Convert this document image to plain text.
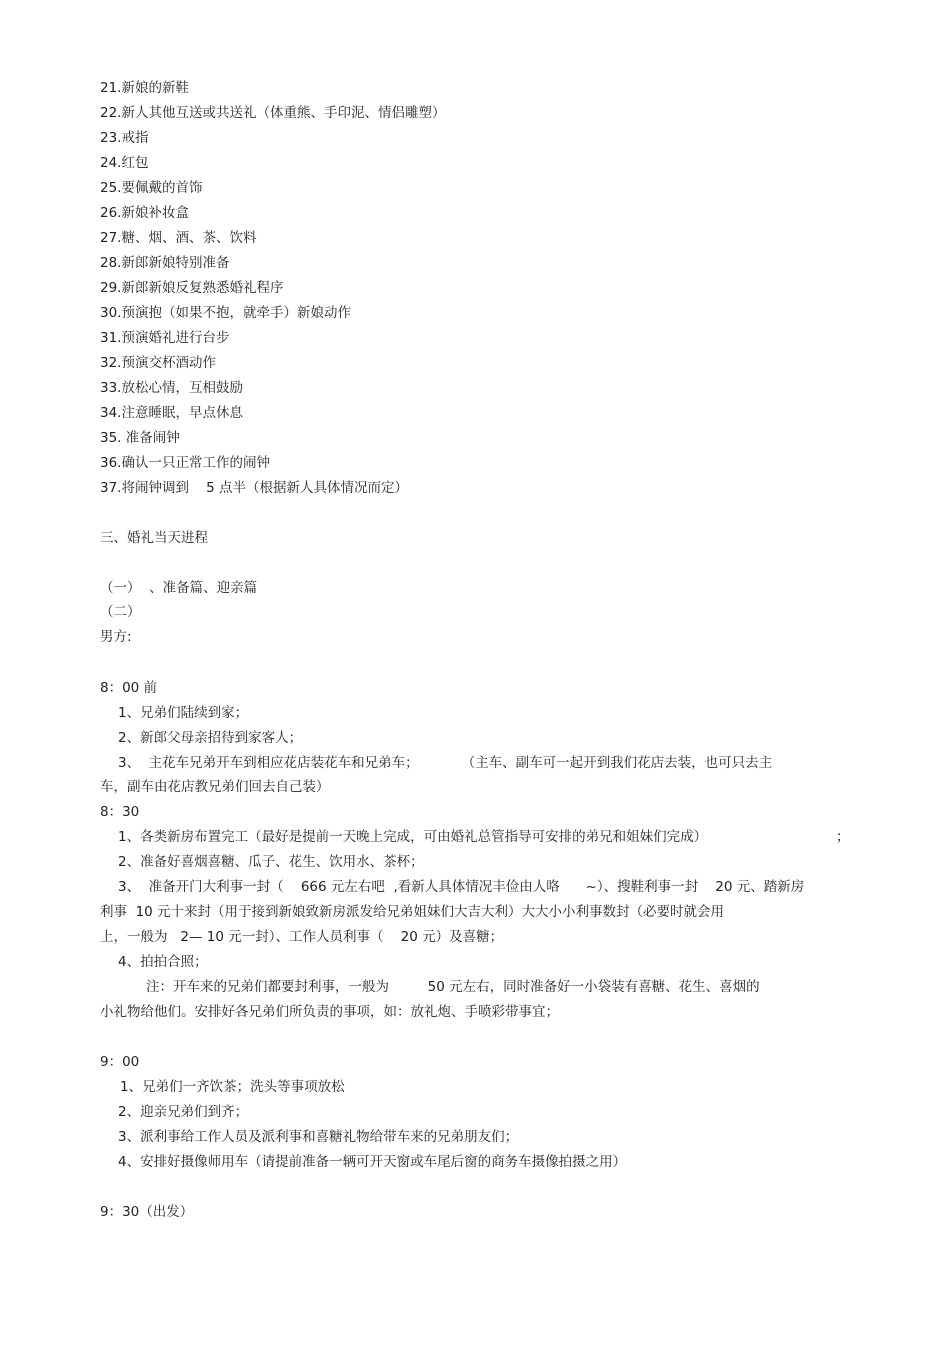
21.新娘的新鞋
22.新人其他互送或共送礼（体重熊、手印泥、情侣雕塑）
23.戒指
24.红包
25.要佩戴的首饰
26.新娘补妆盒
27.糖、烟、酒、茶、饮料
28.新郎新娘特别准备
29.新郎新娘反复熟悉婚礼程序
30.预演抱（如果不抱，就牵手）新娘动作
31.预演婚礼进行台步
32.预演交杯酒动作
33.放松心情，互相鼓励
34.注意睡眠，早点休息
35. 准备闹钟
36.确认一只正常工作的闹钟
37.将闹钟调到    5 点半（根据新人具体情况而定）
三、婚礼当天进程
（一）  、准备篇、迎亲篇
（二）
男方:
8：00 前
1、兄弟们陆续到家；
2、新郎父母亲招待到家客人；
3、  主花车兄弟开车到相应花店装花车和兄弟车；          （主车、副车可一起开到我们花店去装，也可只去主
车，副车由花店教兄弟们回去自己装）
8：30
1、各类新房布置完工（最好是提前一天晚上完成，可由婚礼总管指导可安排的弟兄和姐妹们完成）	；
2、准备好喜烟喜糖、瓜子、花生、饮用水、茶杯；
3、  准备开门大利事一封（    666 元左右吧  ,看新人具体情况丰俭由人咯      ~）、搜鞋利事一封    20 元、踏新房
利事  10 元十来封（用于接到新娘致新房派发给兄弟姐妹们大吉大利）大大小小利事数封（必要时就会用
上，一般为   2— 10 元一封）、工作人员利事（    20 元）及喜糖；
4、拍拍合照；
注：开车来的兄弟们都要封利事，一般为         50 元左右，同时准备好一小袋装有喜糖、花生、喜烟的
小礼物给他们。安排好各兄弟们所负责的事项，如：放礼炮、手喷彩带事宜；
9：00
1、兄弟们一齐饮茶；洗头等事项放松
2、迎亲兄弟们到齐；
3、派利事给工作人员及派利事和喜糖礼物给带车来的兄弟朋友们；
4、安排好摄像师用车（请提前准备一辆可开天窗或车尾后窗的商务车摄像拍摄之用）
9：30（出发）
